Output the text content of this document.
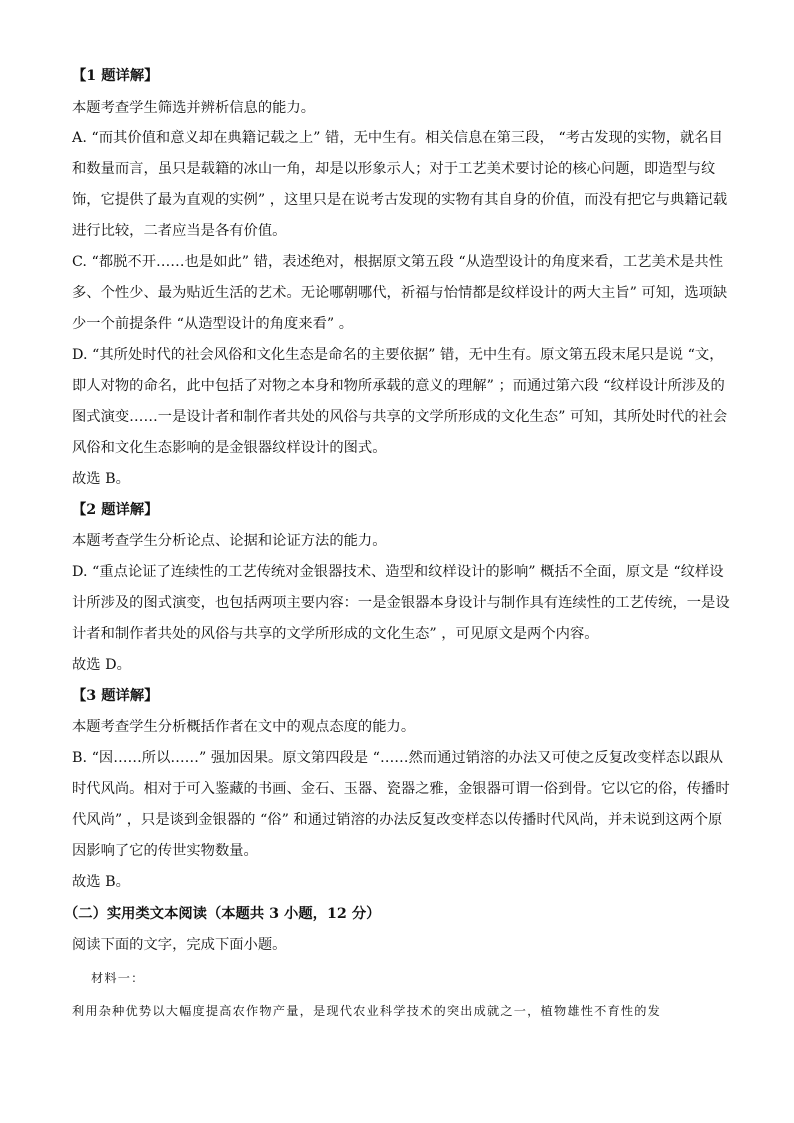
【1 题详解】
本题考查学生筛选并辨析信息的能力。
A. “而其价值和意义却在典籍记载之上” 错，无中生有。相关信息在第三段， “考古发现的实物，就名目
和数量而言，虽只是载籍的冰山一角，却是以形象示人；对于工艺美术要讨论的核心问题，即造型与纹
饰，它提供了最为直观的实例” ，这里只是在说考古发现的实物有其自身的价值，而没有把它与典籍记载
进行比较，二者应当是各有价值。
C. “都脱不开……也是如此” 错，表述绝对，根据原文第五段 “从造型设计的角度来看，工艺美术是共性
多、个性少、最为贴近生活的艺术。无论哪朝哪代，祈福与怡情都是纹样设计的两大主旨” 可知，选项缺
少一个前提条件 “从造型设计的角度来看” 。
D. “其所处时代的社会风俗和文化生态是命名的主要依据” 错，无中生有。原文第五段末尾只是说 “文，
即人对物的命名，此中包括了对物之本身和物所承载的意义的理解” ；而通过第六段 “纹样设计所涉及的
图式演变……一是设计者和制作者共处的风俗与共享的文学所形成的文化生态” 可知，其所处时代的社会
风俗和文化生态影响的是金银器纹样设计的图式。
故选 B。
【2 题详解】
本题考查学生分析论点、论据和论证方法的能力。
D. “重点论证了连续性的工艺传统对金银器技术、造型和纹样设计的影响” 概括不全面，原文是 “纹样设
计所涉及的图式演变，也包括两项主要内容：一是金银器本身设计与制作具有连续性的工艺传统，一是设
计者和制作者共处的风俗与共享的文学所形成的文化生态” ，可见原文是两个内容。
故选 D。
【3 题详解】
本题考查学生分析概括作者在文中的观点态度的能力。
B. “因……所以……” 强加因果。原文第四段是 “……然而通过销溶的办法又可使之反复改变样态以跟从
时代风尚。相对于可入鉴藏的书画、金石、玉器、瓷器之雅，金银器可谓一俗到骨。它以它的俗，传播时
代风尚” ，只是谈到金银器的 “俗” 和通过销溶的办法反复改变样态以传播时代风尚，并未说到这两个原
因影响了它的传世实物数量。
故选 B。
（二）实用类文本阅读（本题共 3 小题，12 分）
阅读下面的文字，完成下面小题。
材料一：
利用杂种优势以大幅度提高农作物产量，是现代农业科学技术的突出成就之一，植物雄性不育性的发
